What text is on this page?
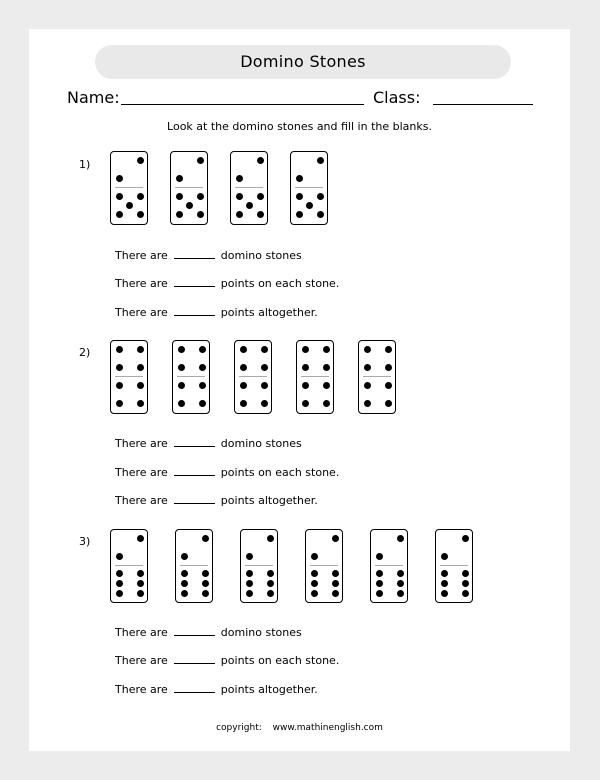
Domino Stones
Name:	Class:
Look at the domino stones and fill in the blanks.
1)
There are	domino stones
There are	points on each stone.
There are	points altogether.
2)
There are	domino stones
There are	points on each stone.
There are	points altogether.
3)
There are	domino stones
There are	points on each stone.
There are	points altogether.
copyright: www.mathinenglish.com
